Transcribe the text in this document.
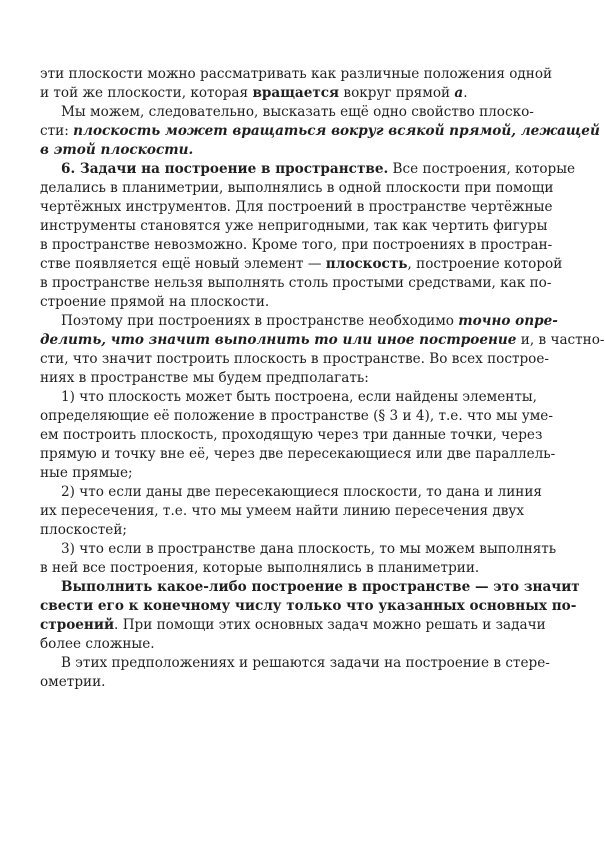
эти плоскости можно рассматривать как различные положения одной
и той же плоскости, которая вращается вокруг прямой a.
Мы можем, следовательно, высказать ещё одно свойство плоско-
сти: плоскость может вращаться вокруг всякой прямой, лежащей
в этой плоскости.
6. Задачи на построение в пространстве. Все построения, которые
делались в планиметрии, выполнялись в одной плоскости при помощи
чертёжных инструментов. Для построений в пространстве чертёжные
инструменты становятся уже непригодными, так как чертить фигуры
в пространстве невозможно. Кроме того, при построениях в простран-
стве появляется ещё новый элемент — плоскость, построение которой
в пространстве нельзя выполнять столь простыми средствами, как по-
строение прямой на плоскости.
Поэтому при построениях в пространстве необходимо точно опре-
делить, что значит выполнить то или иное построение и, в частно-
сти, что значит построить плоскость в пространстве. Во всех построе-
ниях в пространстве мы будем предполагать:
1) что плоскость может быть построена, если найдены элементы,
определяющие её положение в пространстве (§ 3 и 4), т.е. что мы уме-
ем построить плоскость, проходящую через три данные точки, через
прямую и точку вне её, через две пересекающиеся или две параллель-
ные прямые;
2) что если даны две пересекающиеся плоскости, то дана и линия
их пересечения, т.е. что мы умеем найти линию пересечения двух
плоскостей;
3) что если в пространстве дана плоскость, то мы можем выполнять
в ней все построения, которые выполнялись в планиметрии.
Выполнить какое-либо построение в пространстве — это значит
свести его к конечному числу только что указанных основных по-
строений. При помощи этих основных задач можно решать и задачи
более сложные.
В этих предположениях и решаются задачи на построение в стере-
ометрии.
